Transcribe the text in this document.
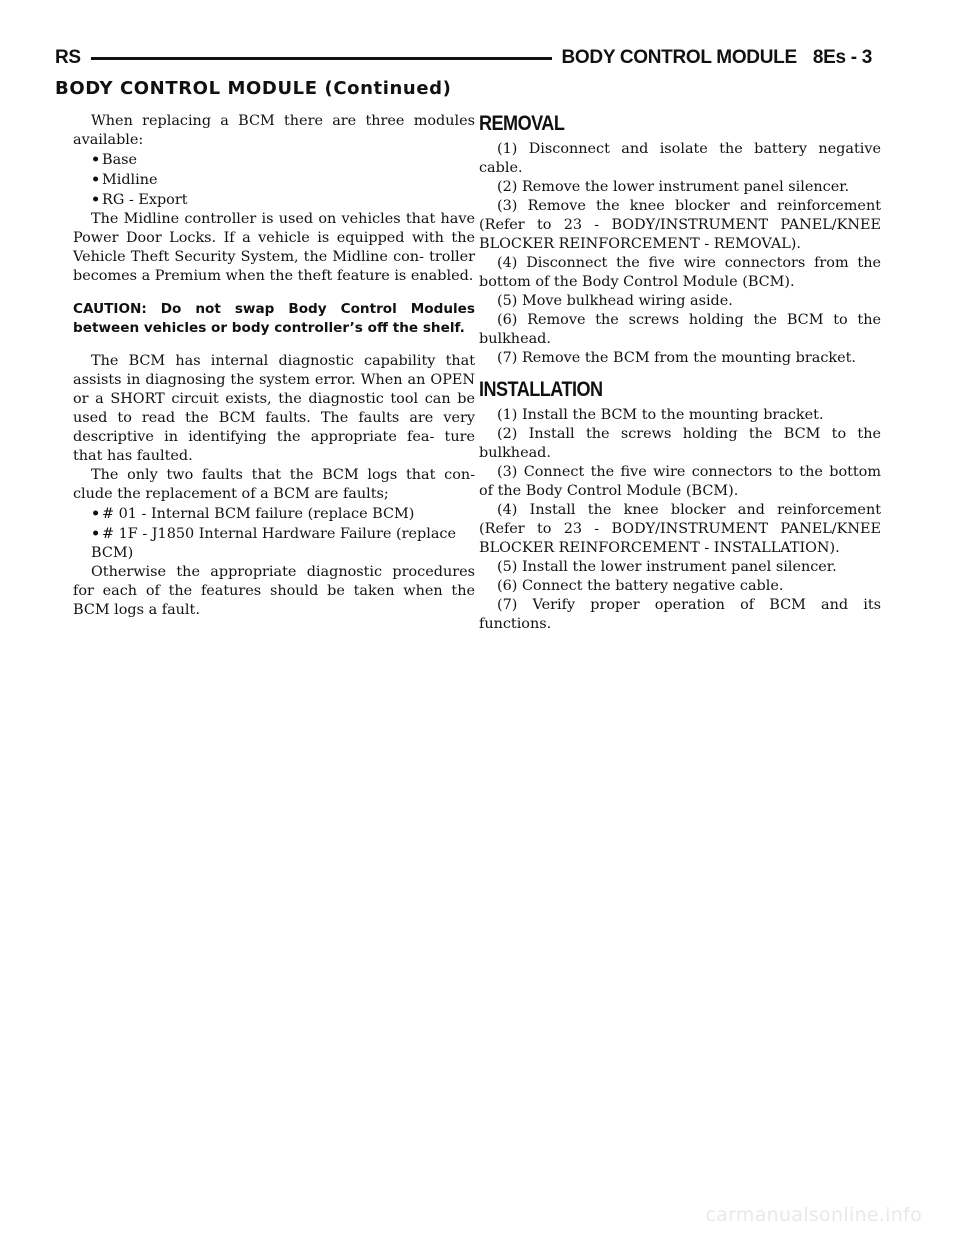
RS	BODY CONTROL MODULE 8Es - 3
BODY CONTROL MODULE (Continued)

When replacing a BCM there are three modules available:

• Base
• Midline
• RG - Export

The Midline controller is used on vehicles that have Power Door Locks. If a vehicle is equipped with the Vehicle Theft Security System, the Midline con- troller becomes a Premium when the theft feature is enabled.

CAUTION: Do not swap Body Control Modules between vehicles or body controller’s off the shelf.

The BCM has internal diagnostic capability that assists in diagnosing the system error. When an OPEN or a SHORT circuit exists, the diagnostic tool can be used to read the BCM faults. The faults are very descriptive in identifying the appropriate fea- ture that has faulted.

The only two faults that the BCM logs that con- clude the replacement of a BCM are faults;

• # 01 - Internal BCM failure (replace BCM)
• # 1F - J1850 Internal Hardware Failure (replace BCM)

Otherwise the appropriate diagnostic procedures for each of the features should be taken when the BCM logs a fault.

REMOVAL

(1) Disconnect and isolate the battery negative cable.

(2) Remove the lower instrument panel silencer.

(3) Remove the knee blocker and reinforcement (Refer to 23 - BODY/INSTRUMENT PANEL/KNEE BLOCKER REINFORCEMENT - REMOVAL).

(4) Disconnect the five wire connectors from the bottom of the Body Control Module (BCM).

(5) Move bulkhead wiring aside.

(6) Remove the screws holding the BCM to the bulkhead.

(7) Remove the BCM from the mounting bracket.

INSTALLATION

(1) Install the BCM to the mounting bracket.

(2) Install the screws holding the BCM to the bulkhead.

(3) Connect the five wire connectors to the bottom of the Body Control Module (BCM).

(4) Install the knee blocker and reinforcement (Refer to 23 - BODY/INSTRUMENT PANEL/KNEE BLOCKER REINFORCEMENT - INSTALLATION).

(5) Install the lower instrument panel silencer.

(6) Connect the battery negative cable.

(7) Verify proper operation of BCM and its functions.

carmanualsonline.info
